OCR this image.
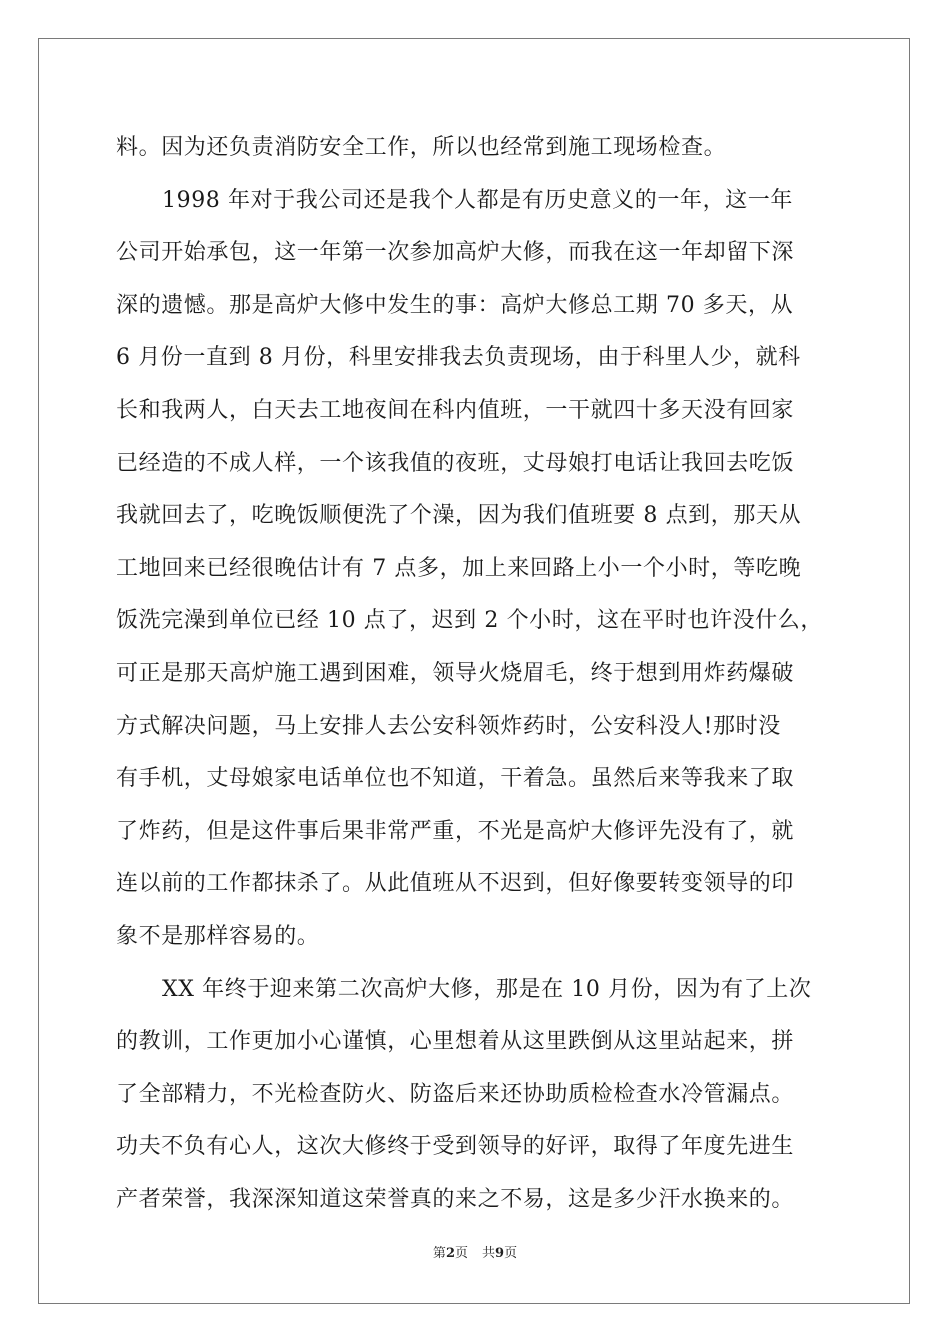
料。因为还负责消防安全工作，所以也经常到施工现场检查。
1998 年对于我公司还是我个人都是有历史意义的一年，这一年
公司开始承包，这一年第一次参加高炉大修，而我在这一年却留下深
深的遗憾。那是高炉大修中发生的事：高炉大修总工期 70 多天，从
6 月份一直到 8 月份，科里安排我去负责现场，由于科里人少，就科
长和我两人，白天去工地夜间在科内值班，一干就四十多天没有回家
已经造的不成人样，一个该我值的夜班，丈母娘打电话让我回去吃饭
我就回去了，吃晚饭顺便洗了个澡，因为我们值班要 8 点到，那天从
工地回来已经很晚估计有 7 点多，加上来回路上小一个小时，等吃晚
饭洗完澡到单位已经 10 点了，迟到 2 个小时，这在平时也许没什么，
可正是那天高炉施工遇到困难，领导火烧眉毛，终于想到用炸药爆破
方式解决问题，马上安排人去公安科领炸药时，公安科没人!那时没
有手机，丈母娘家电话单位也不知道，干着急。虽然后来等我来了取
了炸药，但是这件事后果非常严重，不光是高炉大修评先没有了，就
连以前的工作都抹杀了。从此值班从不迟到，但好像要转变领导的印
象不是那样容易的。
XX 年终于迎来第二次高炉大修，那是在 10 月份，因为有了上次
的教训，工作更加小心谨慎，心里想着从这里跌倒从这里站起来，拼
了全部精力，不光检查防火、防盗后来还协助质检检查水冷管漏点。
功夫不负有心人，这次大修终于受到领导的好评，取得了年度先进生
产者荣誉，我深深知道这荣誉真的来之不易，这是多少汗水换来的。
第2页 共9页
